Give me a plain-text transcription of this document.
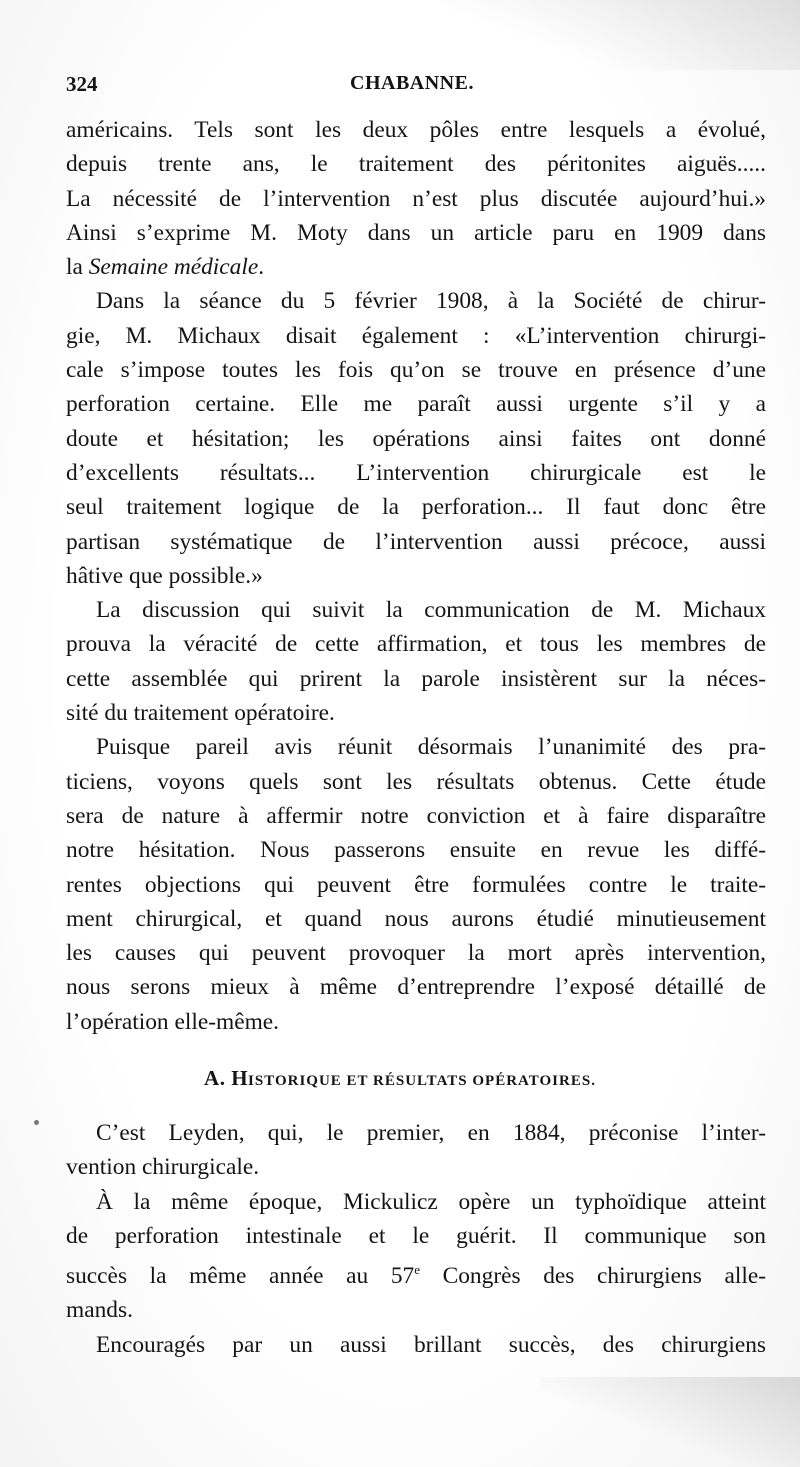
324	CHABANNE.
américains. Tels sont les deux pôles entre lesquels a évolué,
depuis trente ans, le traitement des péritonites aiguës.....
La nécessité de l’intervention n’est plus discutée aujourd’hui.»
Ainsi s’exprime M. Moty dans un article paru en 1909 dans
la Semaine médicale.
Dans la séance du 5 février 1908, à la Société de chirur-
gie, M. Michaux disait également : «L’intervention chirurgi-
cale s’impose toutes les fois qu’on se trouve en présence d’une
perforation certaine. Elle me paraît aussi urgente s’il y a
doute et hésitation; les opérations ainsi faites ont donné
d’excellents résultats... L’intervention chirurgicale est le
seul traitement logique de la perforation... Il faut donc être
partisan systématique de l’intervention aussi précoce, aussi
hâtive que possible.»
La discussion qui suivit la communication de M. Michaux
prouva la véracité de cette affirmation, et tous les membres de
cette assemblée qui prirent la parole insistèrent sur la néces-
sité du traitement opératoire.
Puisque pareil avis réunit désormais l’unanimité des pra-
ticiens, voyons quels sont les résultats obtenus. Cette étude
sera de nature à affermir notre conviction et à faire disparaître
notre hésitation. Nous passerons ensuite en revue les diffé-
rentes objections qui peuvent être formulées contre le traite-
ment chirurgical, et quand nous aurons étudié minutieusement
les causes qui peuvent provoquer la mort après intervention,
nous serons mieux à même d’entreprendre l’exposé détaillé de
l’opération elle-même.
A. HISTORIQUE ET RÉSULTATS OPÉRATOIRES.
C’est Leyden, qui, le premier, en 1884, préconise l’inter-
vention chirurgicale.
À la même époque, Mickulicz opère un typhoïdique atteint
de perforation intestinale et le guérit. Il communique son
succès la même année au 57e Congrès des chirurgiens alle-
mands.
Encouragés par un aussi brillant succès, des chirurgiens
